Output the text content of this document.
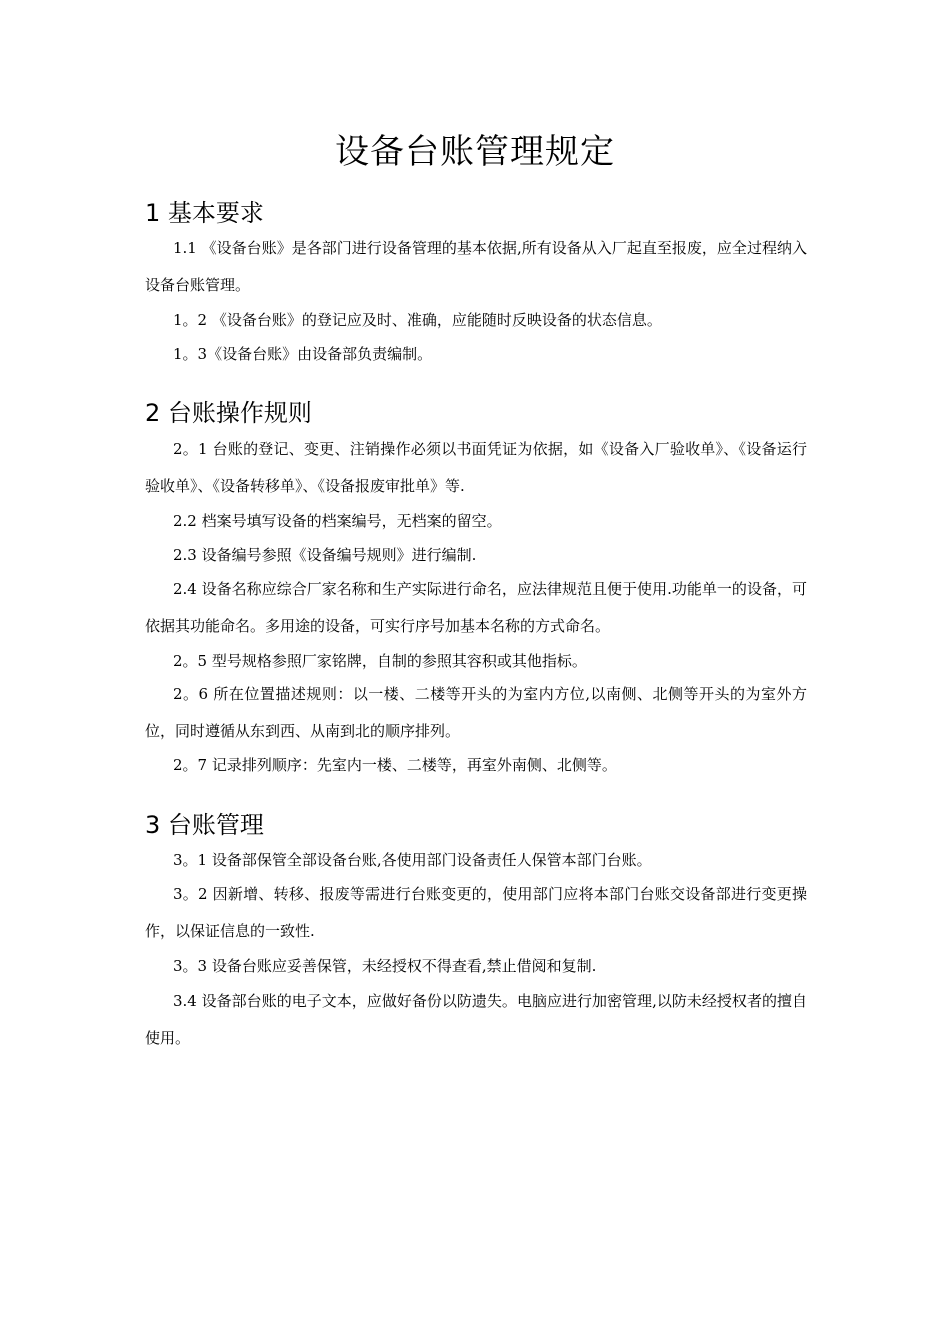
设备台账管理规定
1 基本要求

1.1 《设备台账》是各部门进行设备管理的基本依据,所有设备从入厂起直至报废，应全过程纳入设备台账管理。

1。2 《设备台账》的登记应及时、准确，应能随时反映设备的状态信息。

1。3《设备台账》由设备部负责编制。

2 台账操作规则

2。1 台账的登记、变更、注销操作必须以书面凭证为依据，如《设备入厂验收单》、《设备运行验收单》、《设备转移单》、《设备报废审批单》等.

2.2 档案号填写设备的档案编号，无档案的留空。

2.3 设备编号参照《设备编号规则》进行编制.

2.4 设备名称应综合厂家名称和生产实际进行命名，应法律规范且便于使用.功能单一的设备，可依据其功能命名。多用途的设备，可实行序号加基本名称的方式命名。

2。5 型号规格参照厂家铭牌，自制的参照其容积或其他指标。

2。6 所在位置描述规则：以一楼、二楼等开头的为室内方位,以南侧、北侧等开头的为室外方位，同时遵循从东到西、从南到北的顺序排列。

2。7 记录排列顺序：先室内一楼、二楼等，再室外南侧、北侧等。

3 台账管理

3。1 设备部保管全部设备台账,各使用部门设备责任人保管本部门台账。

3。2 因新增、转移、报废等需进行台账变更的，使用部门应将本部门台账交设备部进行变更操作，以保证信息的一致性.

3。3 设备台账应妥善保管，未经授权不得查看,禁止借阅和复制.

3.4 设备部台账的电子文本，应做好备份以防遗失。电脑应进行加密管理,以防未经授权者的擅自使用。
